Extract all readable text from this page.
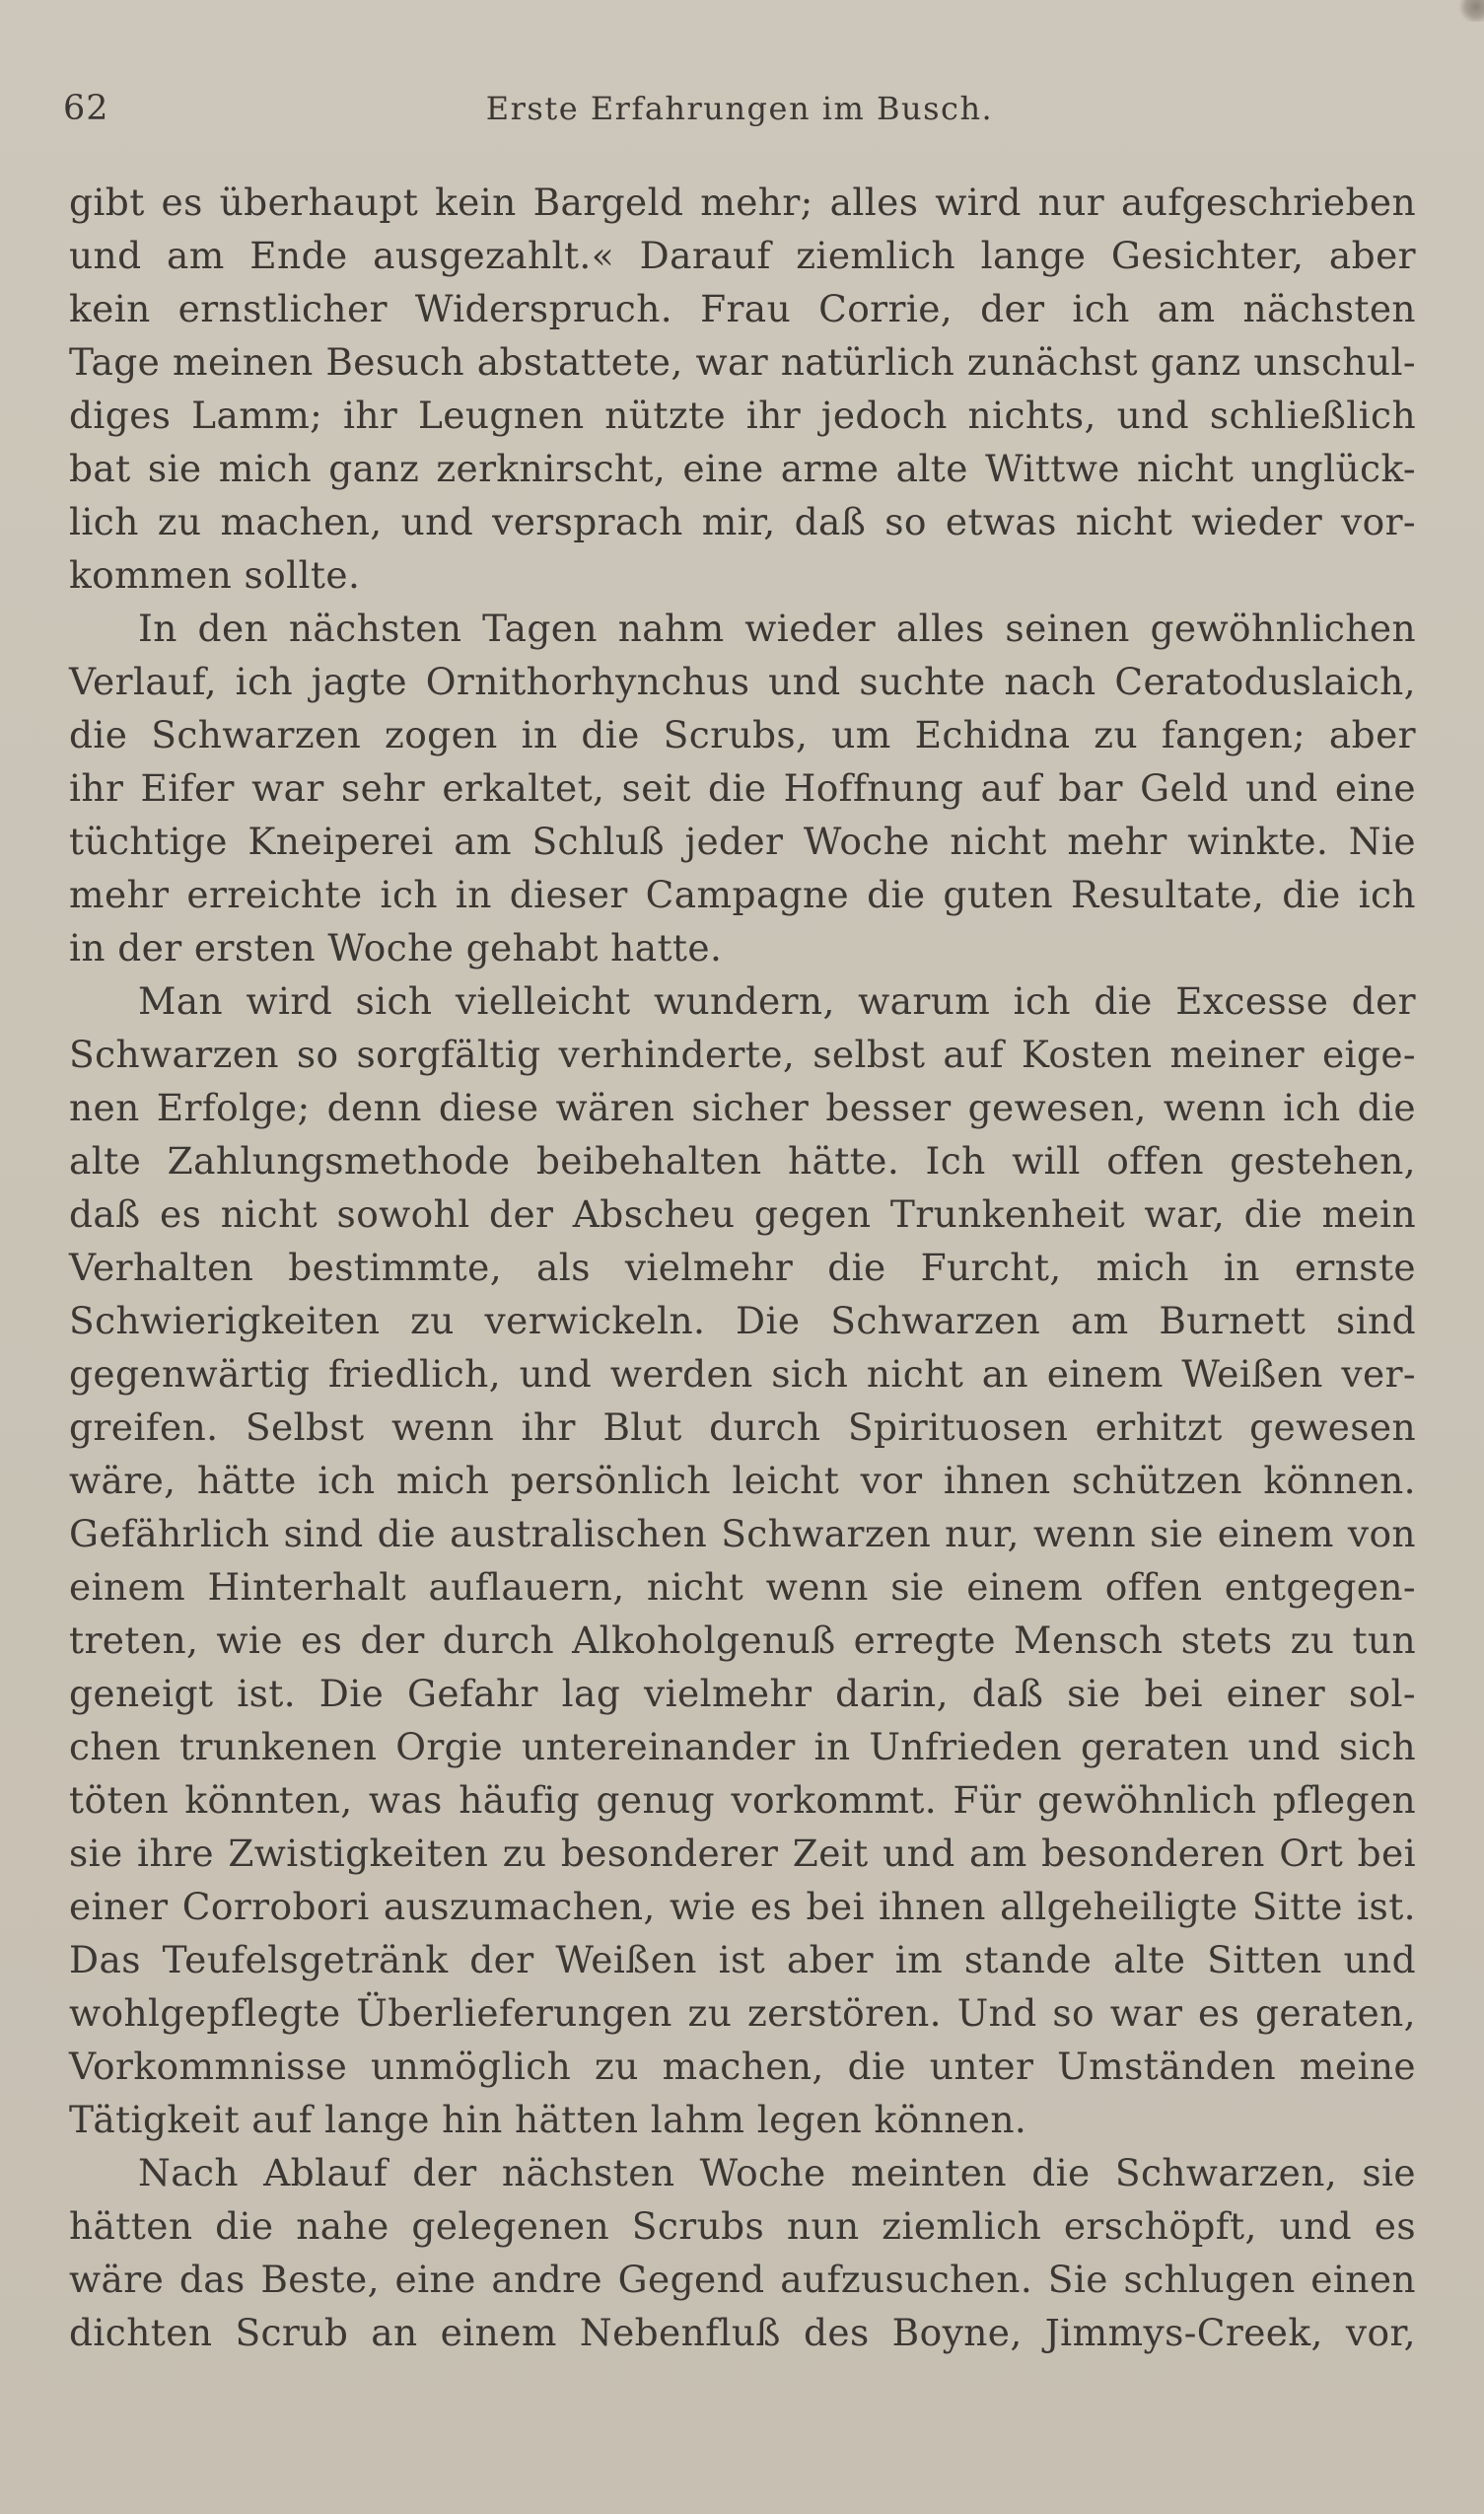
62	Erste Erfahrungen im Busch.
gibt es überhaupt kein Bargeld mehr; alles wird nur aufgeschrieben
und am Ende ausgezahlt.« Darauf ziemlich lange Gesichter, aber
kein ernstlicher Widerspruch. Frau Corrie, der ich am nächsten
Tage meinen Besuch abstattete, war natürlich zunächst ganz unschul-
diges Lamm; ihr Leugnen nützte ihr jedoch nichts, und schließlich
bat sie mich ganz zerknirscht, eine arme alte Wittwe nicht unglück-
lich zu machen, und versprach mir, daß so etwas nicht wieder vor-
kommen sollte.
In den nächsten Tagen nahm wieder alles seinen gewöhnlichen
Verlauf, ich jagte Ornithorhynchus und suchte nach Ceratoduslaich,
die Schwarzen zogen in die Scrubs, um Echidna zu fangen; aber
ihr Eifer war sehr erkaltet, seit die Hoffnung auf bar Geld und eine
tüchtige Kneiperei am Schluß jeder Woche nicht mehr winkte. Nie
mehr erreichte ich in dieser Campagne die guten Resultate, die ich
in der ersten Woche gehabt hatte.
Man wird sich vielleicht wundern, warum ich die Excesse der
Schwarzen so sorgfältig verhinderte, selbst auf Kosten meiner eige-
nen Erfolge; denn diese wären sicher besser gewesen, wenn ich die
alte Zahlungsmethode beibehalten hätte. Ich will offen gestehen,
daß es nicht sowohl der Abscheu gegen Trunkenheit war, die mein
Verhalten bestimmte, als vielmehr die Furcht, mich in ernste
Schwierigkeiten zu verwickeln. Die Schwarzen am Burnett sind
gegenwärtig friedlich, und werden sich nicht an einem Weißen ver-
greifen. Selbst wenn ihr Blut durch Spirituosen erhitzt gewesen
wäre, hätte ich mich persönlich leicht vor ihnen schützen können.
Gefährlich sind die australischen Schwarzen nur, wenn sie einem von
einem Hinterhalt auflauern, nicht wenn sie einem offen entgegen-
treten, wie es der durch Alkoholgenuß erregte Mensch stets zu tun
geneigt ist. Die Gefahr lag vielmehr darin, daß sie bei einer sol-
chen trunkenen Orgie untereinander in Unfrieden geraten und sich
töten könnten, was häufig genug vorkommt. Für gewöhnlich pflegen
sie ihre Zwistigkeiten zu besonderer Zeit und am besonderen Ort bei
einer Corrobori auszumachen, wie es bei ihnen allgeheiligte Sitte ist.
Das Teufelsgetränk der Weißen ist aber im stande alte Sitten und
wohlgepflegte Überlieferungen zu zerstören. Und so war es geraten,
Vorkommnisse unmöglich zu machen, die unter Umständen meine
Tätigkeit auf lange hin hätten lahm legen können.
Nach Ablauf der nächsten Woche meinten die Schwarzen, sie
hätten die nahe gelegenen Scrubs nun ziemlich erschöpft, und es
wäre das Beste, eine andre Gegend aufzusuchen. Sie schlugen einen
dichten Scrub an einem Nebenfluß des Boyne, Jimmys-Creek, vor,
